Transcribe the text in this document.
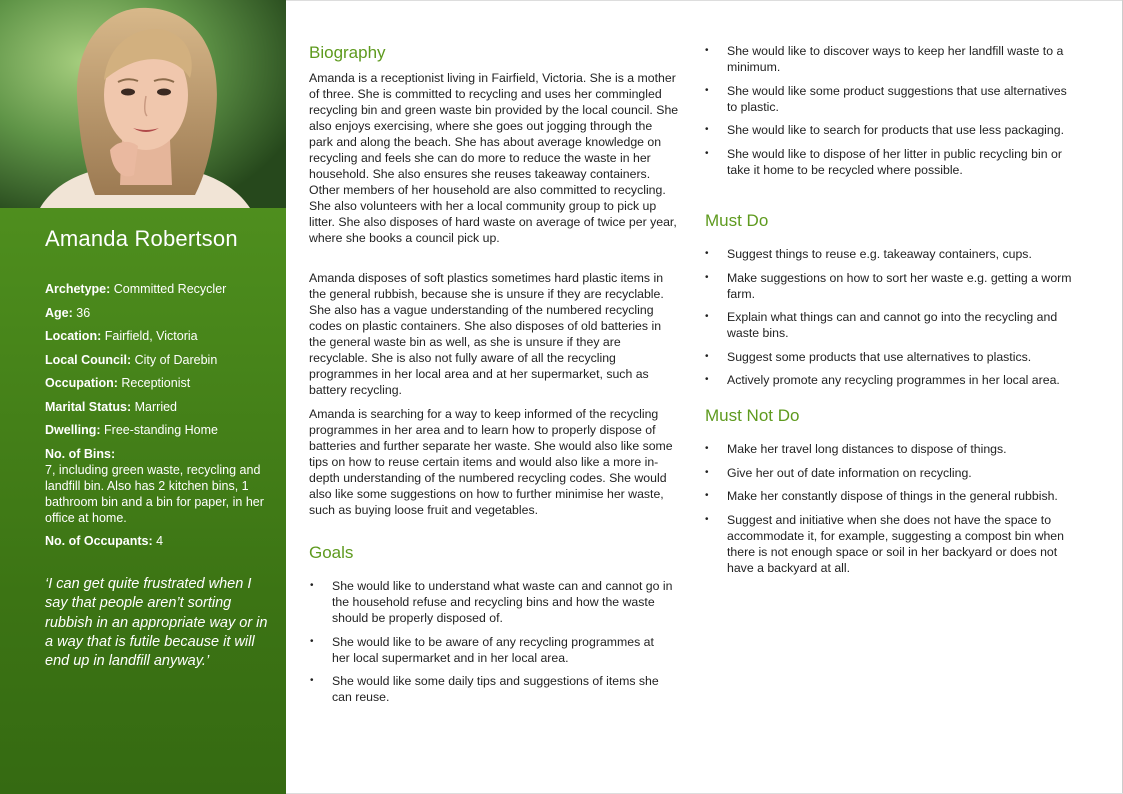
Amanda Robertson
Archetype: Committed Recycler
Age: 36
Location: Fairfield, Victoria
Local Council: City of Darebin
Occupation: Receptionist
Marital Status: Married
Dwelling: Free-standing Home
No. of Bins:
7, including green waste, recycling and landfill bin. Also has 2 kitchen bins, 1 bathroom bin and a bin for paper, in her office at home.
No. of Occupants: 4
‘I can get quite frustrated when I say that people aren’t sorting rubbish in an appropriate way or in a way that is futile because it will end up in landfill anyway.’
Biography

Amanda is a receptionist living in Fairfield, Victoria. She is a mother of three. She is committed to recycling and uses her commingled recycling bin and green waste bin provided by the local council. She also enjoys exercising, where she goes out jogging through the park and along the beach. She has about average knowledge on recycling and feels she can do more to reduce the waste in her household. She also ensures she reuses takeaway containers. Other members of her household are also committed to recycling. She also volunteers with her a local community group to pick up litter. She also disposes of hard waste on average of twice per year, where she books a council pick up.

Amanda disposes of soft plastics sometimes hard plastic items in the general rubbish, because she is unsure if they are recyclable. She also has a vague understanding of the numbered recycling codes on plastic containers. She also disposes of old batteries in the general waste bin as well, as she is unsure if they are recyclable. She is also not fully aware of all the recycling programmes in her local area and at her supermarket, such as battery recycling.

Amanda is searching for a way to keep informed of the recycling programmes in her area and to learn how to properly dispose of batteries and further separate her waste. She would also like some tips on how to reuse certain items and would also like a more in-depth understanding of the numbered recycling codes. She would also like some suggestions on how to further minimise her waste, such as buying loose fruit and vegetables.

Goals
• She would like to understand what waste can and cannot go in the household refuse and recycling bins and how the waste should be properly disposed of.
• She would like to be aware of any recycling programmes at her local supermarket and in her local area.
• She would like some daily tips and suggestions of items she can reuse.
• She would like to discover ways to keep her landfill waste to a minimum.
• She would like some product suggestions that use alternatives to plastic.
• She would like to search for products that use less packaging.
• She would like to dispose of her litter in public recycling bin or take it home to be recycled where possible.
Must Do
• Suggest things to reuse e.g. takeaway containers, cups.
• Make suggestions on how to sort her waste e.g. getting a worm farm.
• Explain what things can and cannot go into the recycling and waste bins.
• Suggest some products that use alternatives to plastics.
• Actively promote any recycling programmes in her local area.
Must Not Do
• Make her travel long distances to dispose of things.
• Give her out of date information on recycling.
• Make her constantly dispose of things in the general rubbish.
• Suggest and initiative when she does not have the space to accommodate it, for example, suggesting a compost bin when there is not enough space or soil in her backyard or does not have a backyard at all.
